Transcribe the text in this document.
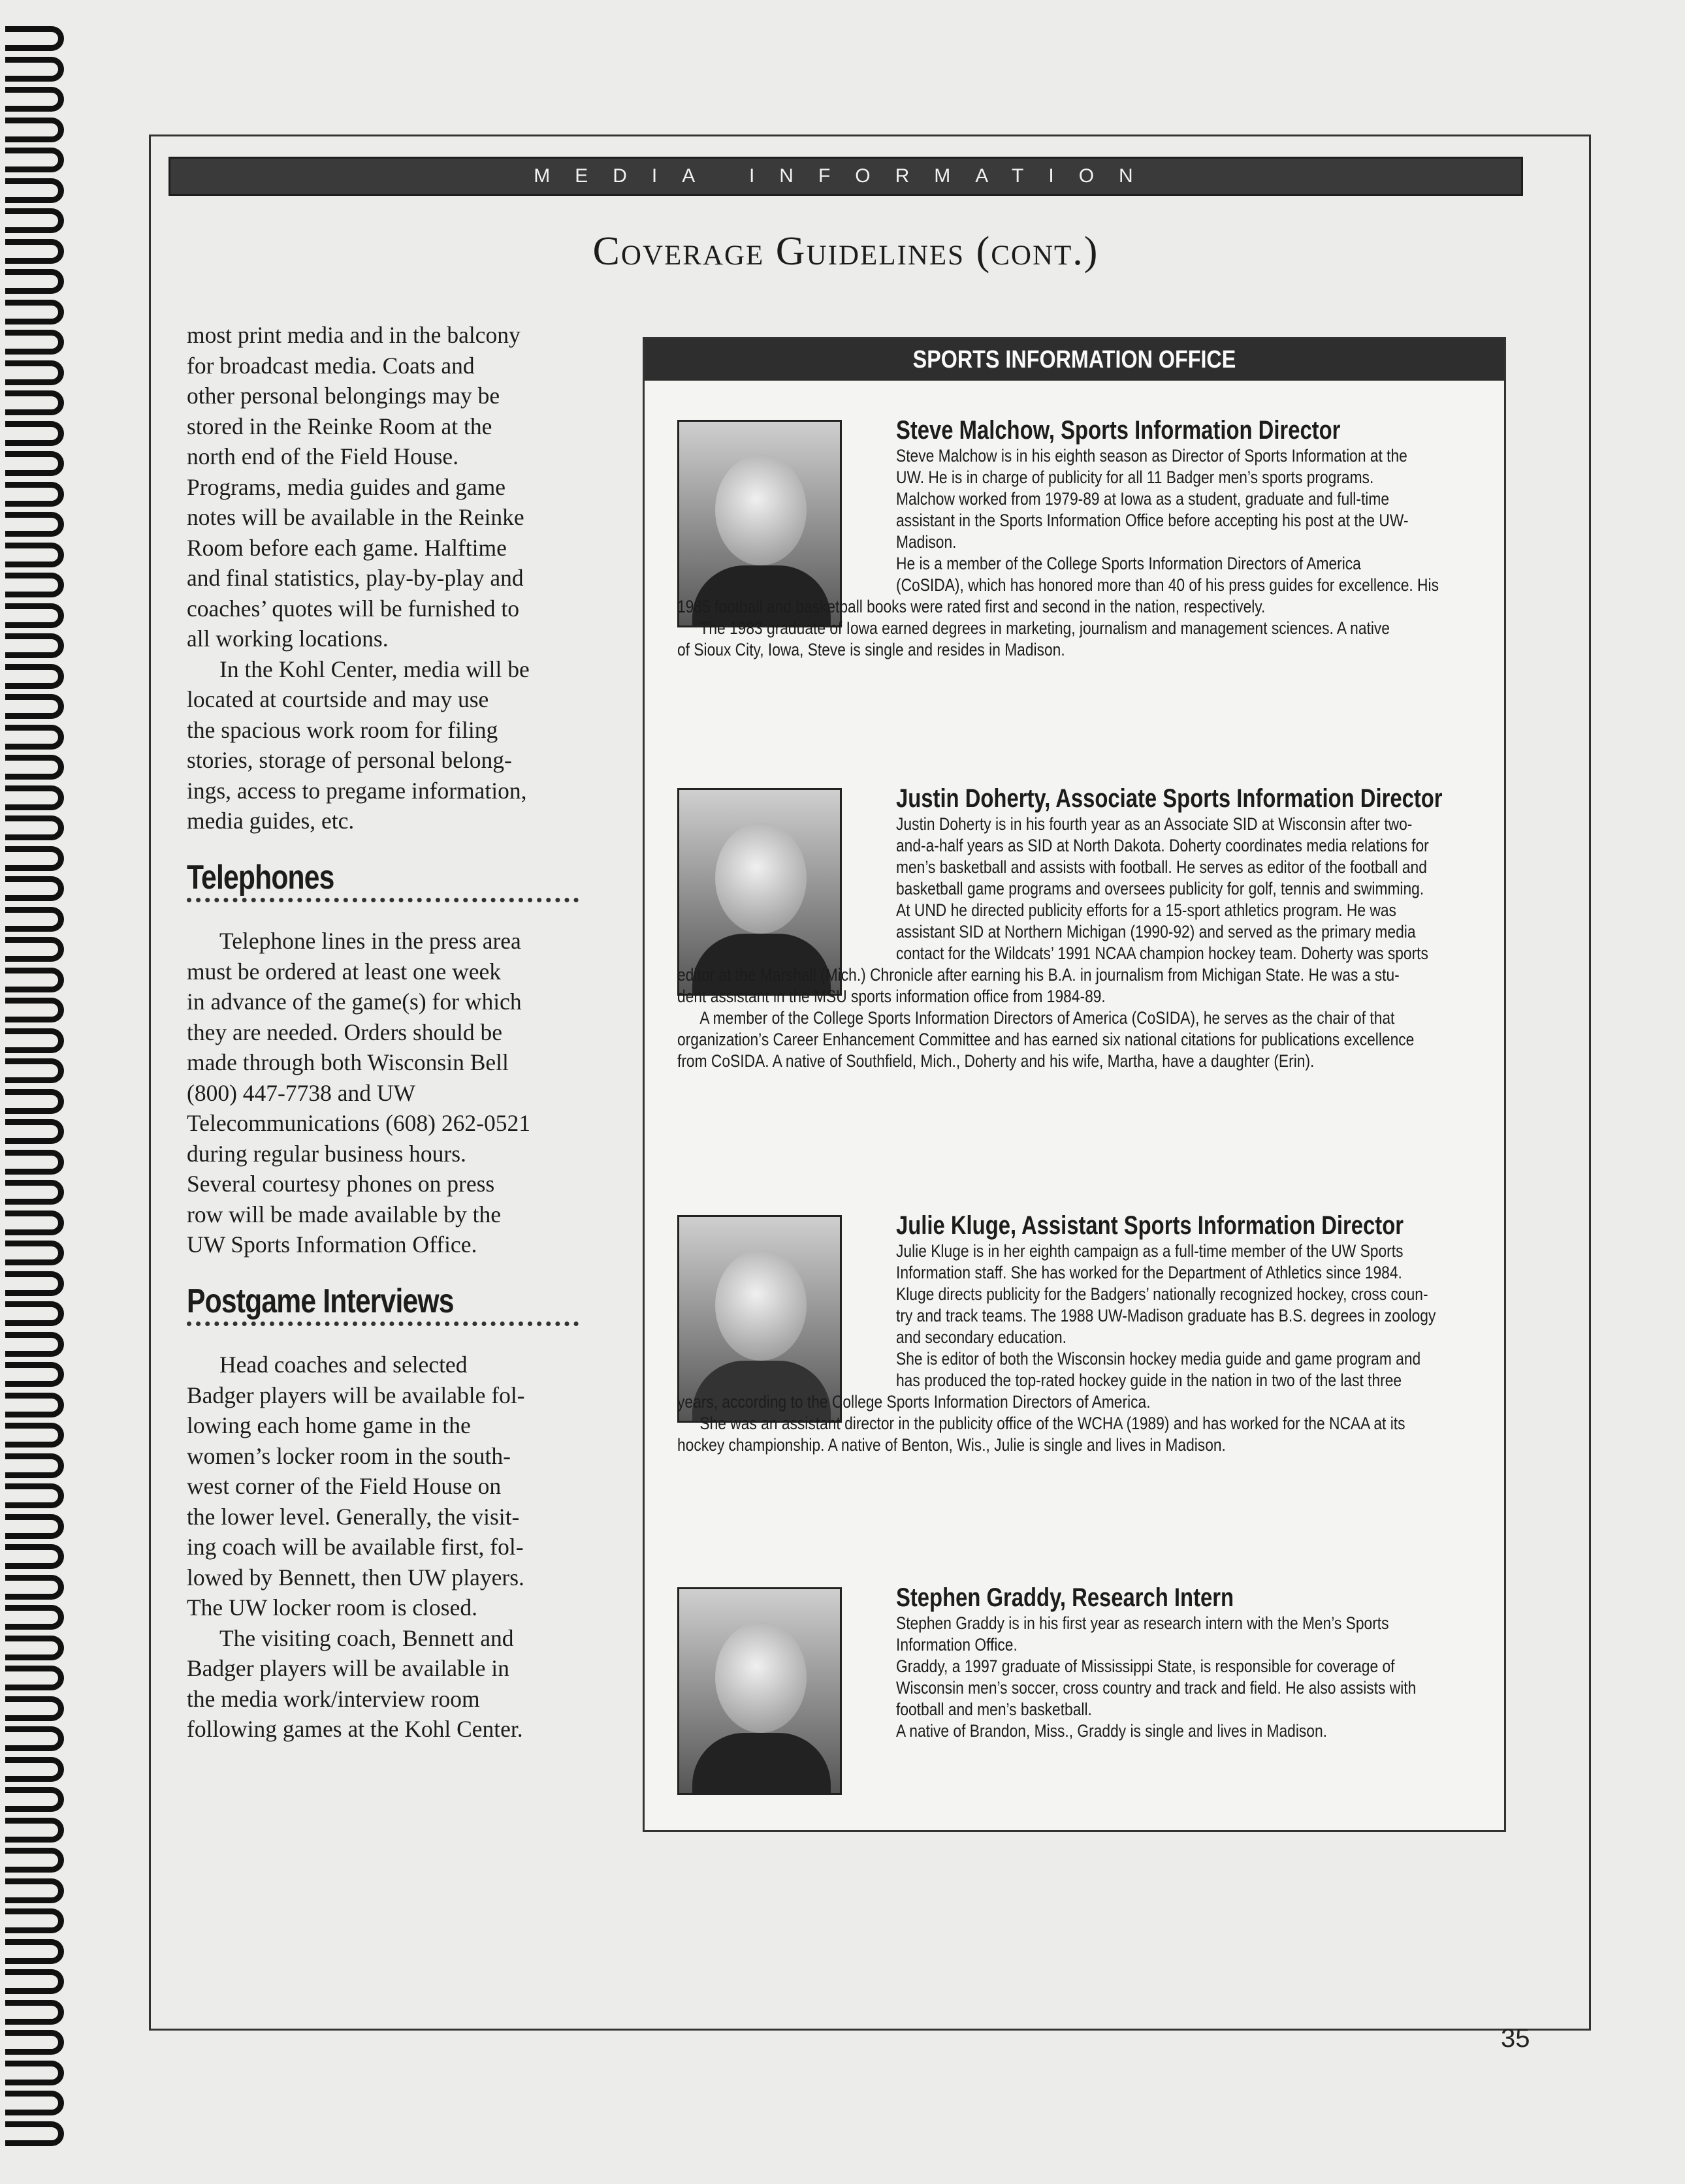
MEDIA INFORMATION
Coverage Guidelines (cont.)

most print media and in the balcony

for broadcast media. Coats and

other personal belongings may be

stored in the Reinke Room at the

north end of the Field House.

Programs, media guides and game

notes will be available in the Reinke

Room before each game. Halftime

and final statistics, play-by-play and

coaches’ quotes will be furnished to

all working locations.

In the Kohl Center, media will be

located at courtside and may use

the spacious work room for filing

stories, storage of personal belong-

ings, access to pregame information,

media guides, etc.

Telephones

Telephone lines in the press area

must be ordered at least one week

in advance of the game(s) for which

they are needed. Orders should be

made through both Wisconsin Bell

(800) 447-7738 and UW

Telecommunications (608) 262-0521

during regular business hours.

Several courtesy phones on press

row will be made available by the

UW Sports Information Office.

Postgame Interviews

Head coaches and selected

Badger players will be available fol-

lowing each home game in the

women’s locker room in the south-

west corner of the Field House on

the lower level. Generally, the visit-

ing coach will be available first, fol-

lowed by Bennett, then UW players.

The UW locker room is closed.

The visiting coach, Bennett and

Badger players will be available in

the media work/interview room

following games at the Kohl Center.

SPORTS INFORMATION OFFICE
Steve Malchow, Sports Information Director

Steve Malchow is in his eighth season as Director of Sports Information at the

UW. He is in charge of publicity for all 11 Badger men’s sports programs.

Malchow worked from 1979-89 at Iowa as a student, graduate and full-time

assistant in the Sports Information Office before accepting his post at the UW-

Madison.

He is a member of the College Sports Information Directors of America

(CoSIDA), which has honored more than 40 of his press guides for excellence. His

1985 football and basketball books were rated first and second in the nation, respectively.

The 1983 graduate of Iowa earned degrees in marketing, journalism and management sciences. A native

of Sioux City, Iowa, Steve is single and resides in Madison.

Justin Doherty, Associate Sports Information Director

Justin Doherty is in his fourth year as an Associate SID at Wisconsin after two-

and-a-half years as SID at North Dakota. Doherty coordinates media relations for

men’s basketball and assists with football. He serves as editor of the football and

basketball game programs and oversees publicity for golf, tennis and swimming.

At UND he directed publicity efforts for a 15-sport athletics program. He was

assistant SID at Northern Michigan (1990-92) and served as the primary media

contact for the Wildcats’ 1991 NCAA champion hockey team. Doherty was sports

editor at the Marshall (Mich.) Chronicle after earning his B.A. in journalism from Michigan State. He was a stu-

dent assistant in the MSU sports information office from 1984-89.

A member of the College Sports Information Directors of America (CoSIDA), he serves as the chair of that

organization’s Career Enhancement Committee and has earned six national citations for publications excellence

from CoSIDA. A native of Southfield, Mich., Doherty and his wife, Martha, have a daughter (Erin).

Julie Kluge, Assistant Sports Information Director

Julie Kluge is in her eighth campaign as a full-time member of the UW Sports

Information staff. She has worked for the Department of Athletics since 1984.

Kluge directs publicity for the Badgers’ nationally recognized hockey, cross coun-

try and track teams. The 1988 UW-Madison graduate has B.S. degrees in zoology

and secondary education.

She is editor of both the Wisconsin hockey media guide and game program and

has produced the top-rated hockey guide in the nation in two of the last three

years, according to the College Sports Information Directors of America.

She was an assistant director in the publicity office of the WCHA (1989) and has worked for the NCAA at its

hockey championship. A native of Benton, Wis., Julie is single and lives in Madison.

Stephen Graddy, Research Intern

Stephen Graddy is in his first year as research intern with the Men’s Sports

Information Office.

Graddy, a 1997 graduate of Mississippi State, is responsible for coverage of

Wisconsin men’s soccer, cross country and track and field. He also assists with

football and men’s basketball.

A native of Brandon, Miss., Graddy is single and lives in Madison.

35
